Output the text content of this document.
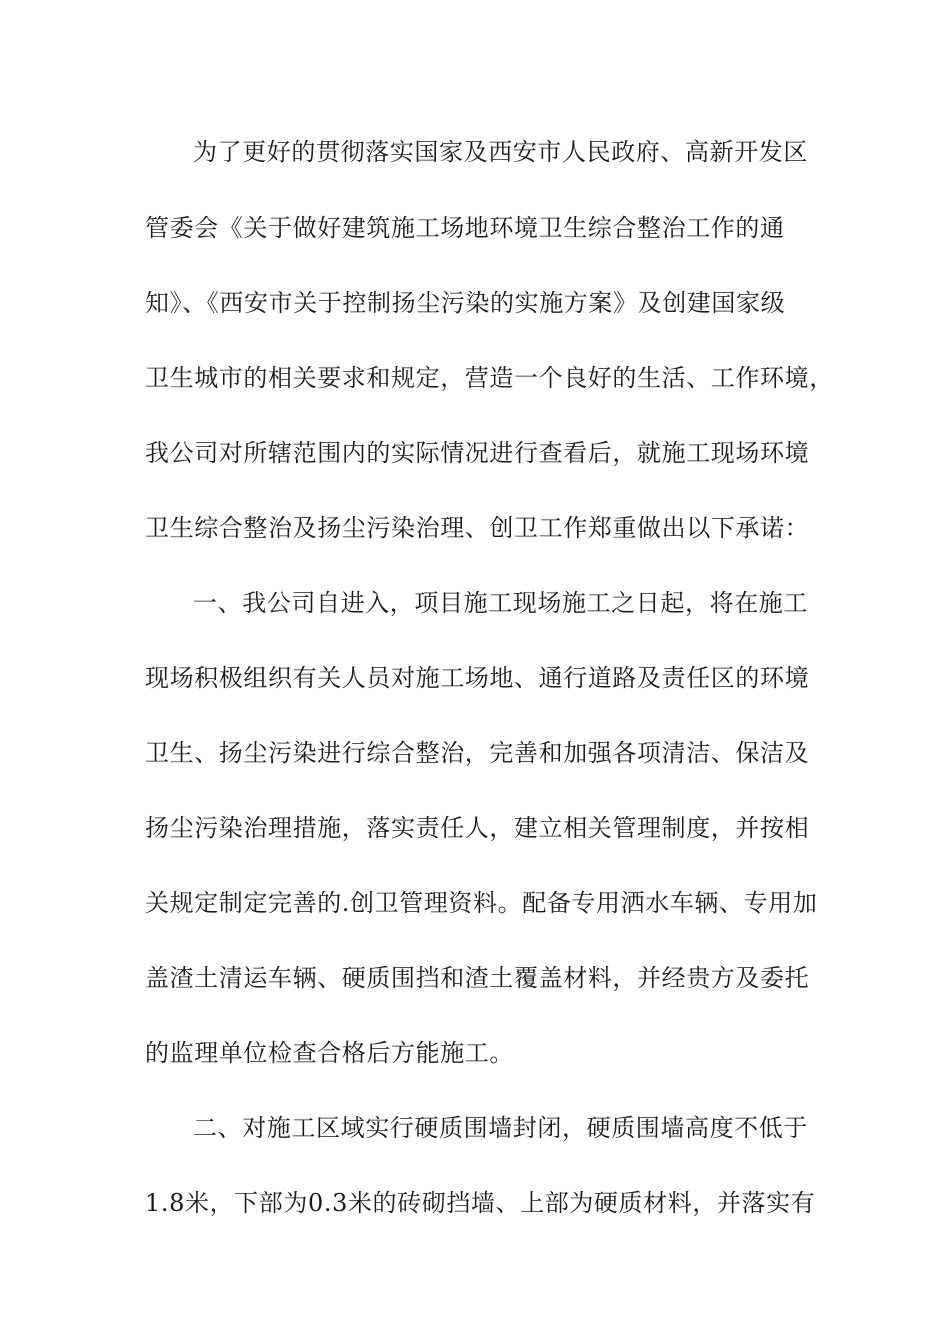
为了更好的贯彻落实国家及西安市人民政府、高新开发区
管委会《关于做好建筑施工场地环境卫生综合整治工作的通
知》、《西安市关于控制扬尘污染的实施方案》及创建国家级
卫生城市的相关要求和规定，营造一个良好的生活、工作环境，
我公司对所辖范围内的实际情况进行查看后，就施工现场环境
卫生综合整治及扬尘污染治理、创卫工作郑重做出以下承诺：
一、我公司自进入，项目施工现场施工之日起，将在施工
现场积极组织有关人员对施工场地、通行道路及责任区的环境
卫生、扬尘污染进行综合整治，完善和加强各项清洁、保洁及
扬尘污染治理措施，落实责任人，建立相关管理制度，并按相
关规定制定完善的.创卫管理资料。配备专用洒水车辆、专用加
盖渣土清运车辆、硬质围挡和渣土覆盖材料，并经贵方及委托
的监理单位检查合格后方能施工。
二、对施工区域实行硬质围墙封闭，硬质围墙高度不低于
1.8米，下部为0.3米的砖砌挡墙、上部为硬质材料，并落实有
